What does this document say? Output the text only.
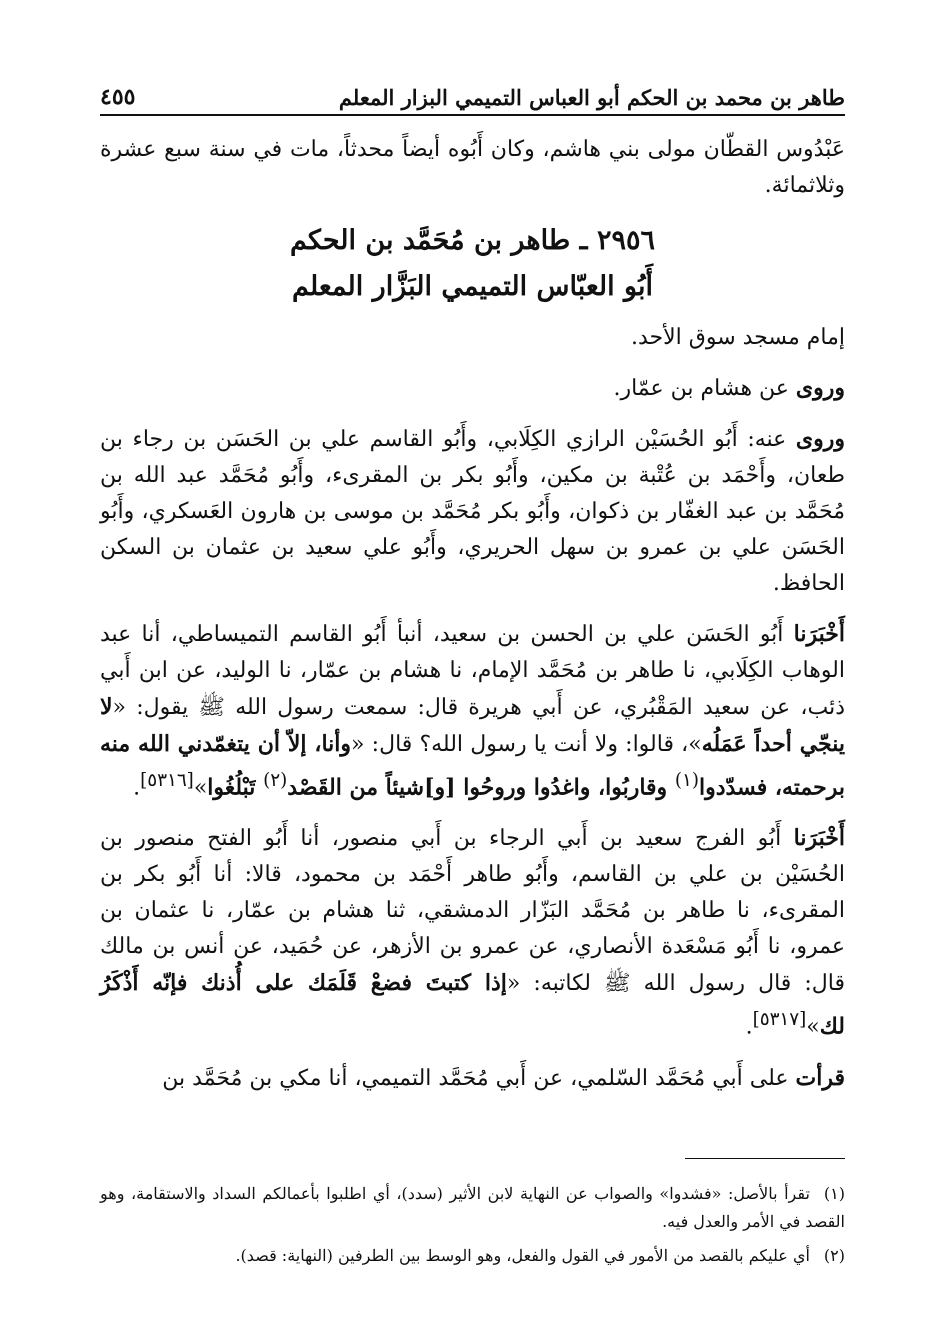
طاهر بن محمد بن الحكم أبو العباس التميمي البزار المعلم
٤٥٥

عَبْدُوس القطّان مولى بني هاشم، وكان أَبُوه أيضاً محدثاً، مات في سنة سبع عشرة وثلاثمائة.

٢٩٥٦ ـ طاهر بن مُحَمَّد بن الحكم
أَبُو العبّاس التميمي البَزَّار المعلم

إمام مسجد سوق الأحد.

وروى عن هشام بن عمّار.

وروى عنه: أَبُو الحُسَيْن الرازي الكِلَابي، وأَبُو القاسم علي بن الحَسَن بن رجاء بن طعان، وأَحْمَد بن عُتْبة بن مكين، وأَبُو بكر بن المقرىء، وأَبُو مُحَمَّد عبد الله بن مُحَمَّد بن عبد الغفّار بن ذكوان، وأَبُو بكر مُحَمَّد بن موسى بن هارون العَسكري، وأَبُو الحَسَن علي بن عمرو بن سهل الحريري، وأَبُو علي سعيد بن عثمان بن السكن الحافظ.

أَخْبَرَنا أَبُو الحَسَن علي بن الحسن بن سعيد، أنبأ أَبُو القاسم التميساطي، أنا عبد الوهاب الكِلَابي، نا طاهر بن مُحَمَّد الإمام، نا هشام بن عمّار، نا الوليد، عن ابن أَبي ذئب، عن سعيد المَقْبُري، عن أَبي هريرة قال: سمعت رسول الله ﷺ يقول: «لا ينجّي أحداً عَمَلُه»، قالوا: ولا أنت يا رسول الله؟ قال: «وأنا، إلاّ أن يتغمّدني الله منه برحمته، فسدّدوا$^{(١)}$ وقاربُوا، واغدُوا وروحُوا [و]شيئاً من القَصْد$^{(٢)}$ تَبْلُغُوا»[٥٣١٦].

أَخْبَرَنا أَبُو الفرج سعيد بن أَبي الرجاء بن أَبي منصور، أنا أَبُو الفتح منصور بن الحُسَيْن بن علي بن القاسم، وأَبُو طاهر أَحْمَد بن محمود، قالا: أنا أَبُو بكر بن المقرىء، نا طاهر بن مُحَمَّد البَزّار الدمشقي، ثنا هشام بن عمّار، نا عثمان بن عمرو، نا أَبُو مَسْعَدة الأنصاري، عن عمرو بن الأزهر، عن حُمَيد، عن أنس بن مالك قال: قال رسول الله ﷺ لكاتبه: «إذا كتبتَ فضعْ قَلَمَك على أُذنك فإنّه أَذْكَرُ لك»[٥٣١٧].

قرأت على أَبي مُحَمَّد السّلمي، عن أَبي مُحَمَّد التميمي، أنا مكي بن مُحَمَّد بن

(١)تقرأ بالأصل: «فشدوا» والصواب عن النهاية لابن الأثير (سدد)، أي اطلبوا بأعمالكم السداد والاستقامة، وهو القصد في الأمر والعدل فيه.

(٢)أي عليكم بالقصد من الأمور في القول والفعل، وهو الوسط بين الطرفين (النهاية: قصد).
